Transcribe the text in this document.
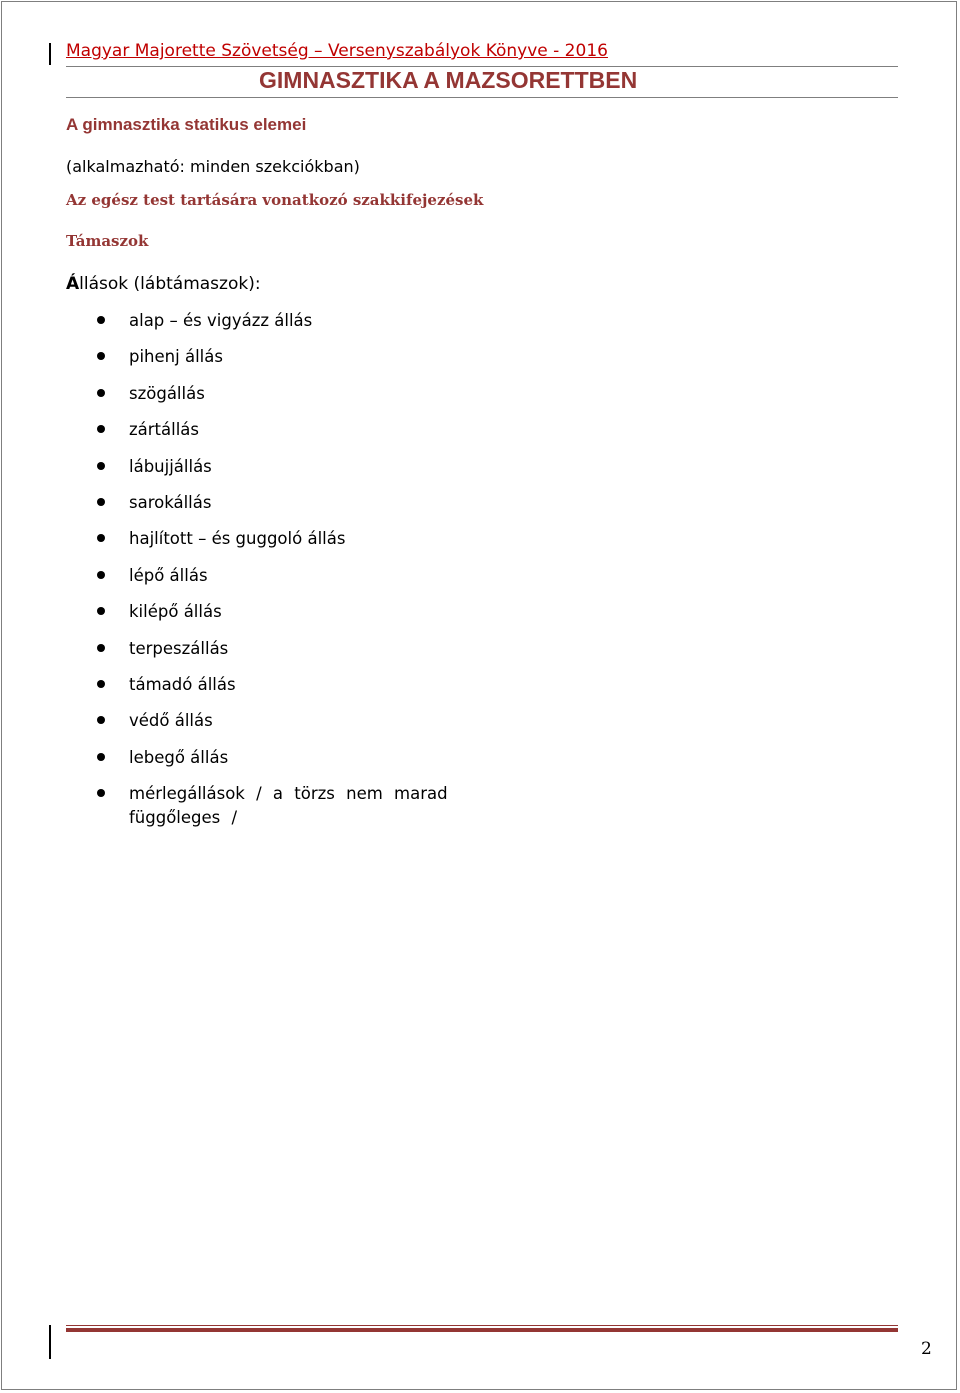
Magyar Majorette Szövetség – Versenyszabályok Könyve - 2016
GIMNASZTIKA A MAZSORETTBEN
A gimnasztika statikus elemei
(alkalmazható: minden szekciókban)
Az egész test tartására vonatkozó szakkifejezések
Támaszok
Állások (lábtámaszok):
alap – és vigyázz állás
pihenj állás
szögállás
zártállás
lábujjállás
sarokállás
hajlított – és guggoló állás
lépő állás
kilépő állás
terpeszállás
támadó állás
védő állás
lebegő állás
mérlegállások / a törzs nem marad függőleges /
2
